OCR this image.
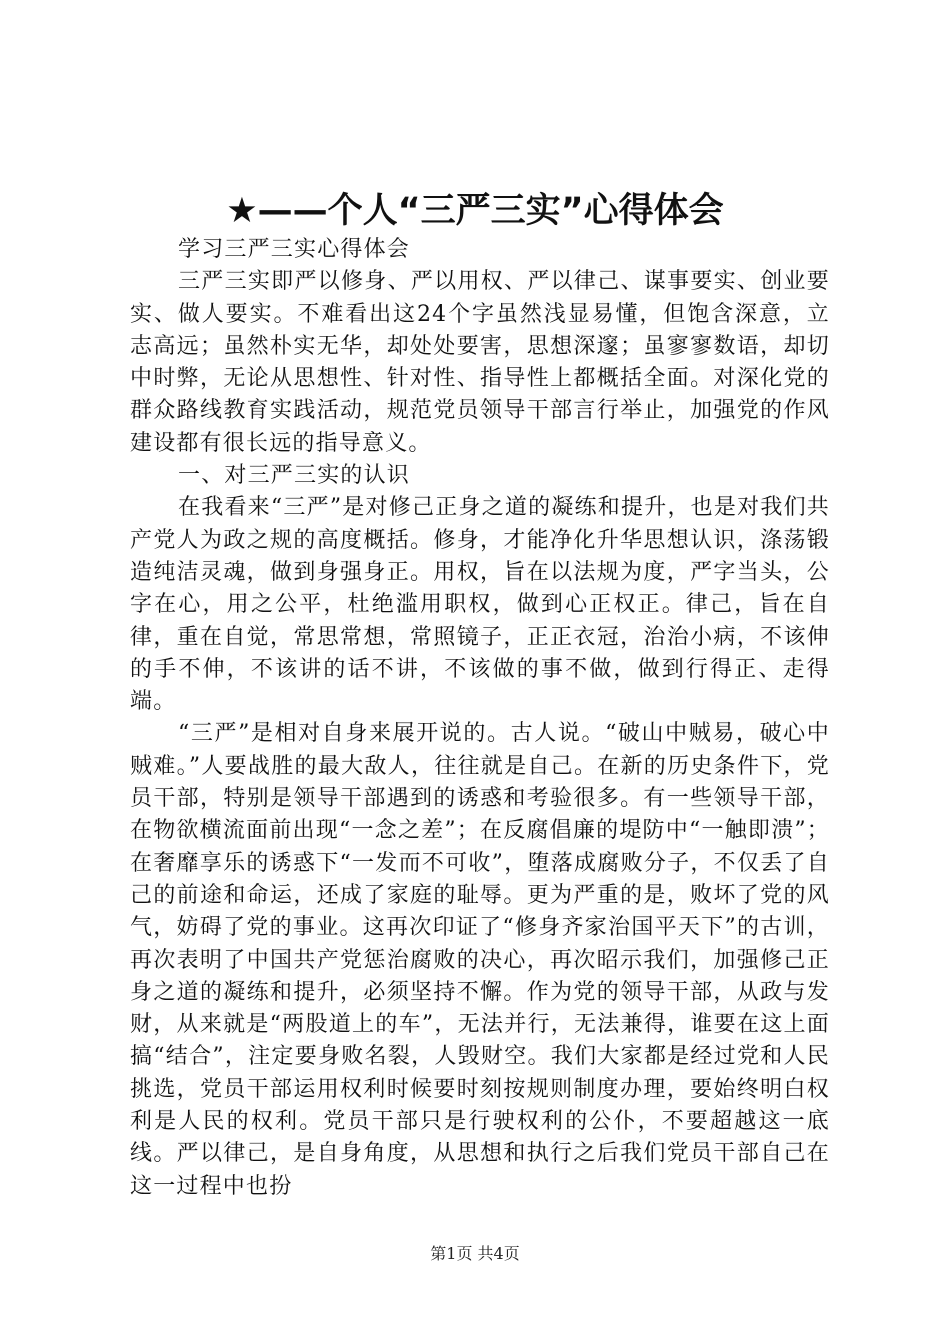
★——个人“三严三实”心得体会

学习三严三实心得体会

三严三实即严以修身、严以用权、严以律己、谋事要实、创业要实、做人要实。不难看出这24个字虽然浅显易懂，但饱含深意，立志高远；虽然朴实无华，却处处要害，思想深邃；虽寥寥数语，却切中时弊，无论从思想性、针对性、指导性上都概括全面。对深化党的群众路线教育实践活动，规范党员领导干部言行举止，加强党的作风建设都有很长远的指导意义。

一、对三严三实的认识

在我看来“三严”是对修己正身之道的凝练和提升，也是对我们共产党人为政之规的高度概括。修身，才能净化升华思想认识，涤荡锻造纯洁灵魂，做到身强身正。用权，旨在以法规为度，严字当头，公字在心，用之公平，杜绝滥用职权，做到心正权正。律己，旨在自律，重在自觉，常思常想，常照镜子，正正衣冠，治治小病，不该伸的手不伸，不该讲的话不讲，不该做的事不做，做到行得正、走得端。

“三严”是相对自身来展开说的。古人说。“破山中贼易，破心中贼难。”人要战胜的最大敌人，往往就是自己。在新的历史条件下，党员干部，特别是领导干部遇到的诱惑和考验很多。有一些领导干部，在物欲横流面前出现“一念之差”；在反腐倡廉的堤防中“一触即溃”；在奢靡享乐的诱惑下“一发而不可收”，堕落成腐败分子，不仅丢了自己的前途和命运，还成了家庭的耻辱。更为严重的是，败坏了党的风气，妨碍了党的事业。这再次印证了“修身齐家治国平天下”的古训，再次表明了中国共产党惩治腐败的决心，再次昭示我们，加强修己正身之道的凝练和提升，必须坚持不懈。作为党的领导干部，从政与发财，从来就是“两股道上的车”，无法并行，无法兼得，谁要在这上面搞“结合”，注定要身败名裂，人毁财空。我们大家都是经过党和人民挑选，党员干部运用权利时候要时刻按规则制度办理，要始终明白权利是人民的权利。党员干部只是行驶权利的公仆，不要超越这一底线。严以律己，是自身角度，从思想和执行之后我们党员干部自己在这一过程中也扮

第1页 共4页
